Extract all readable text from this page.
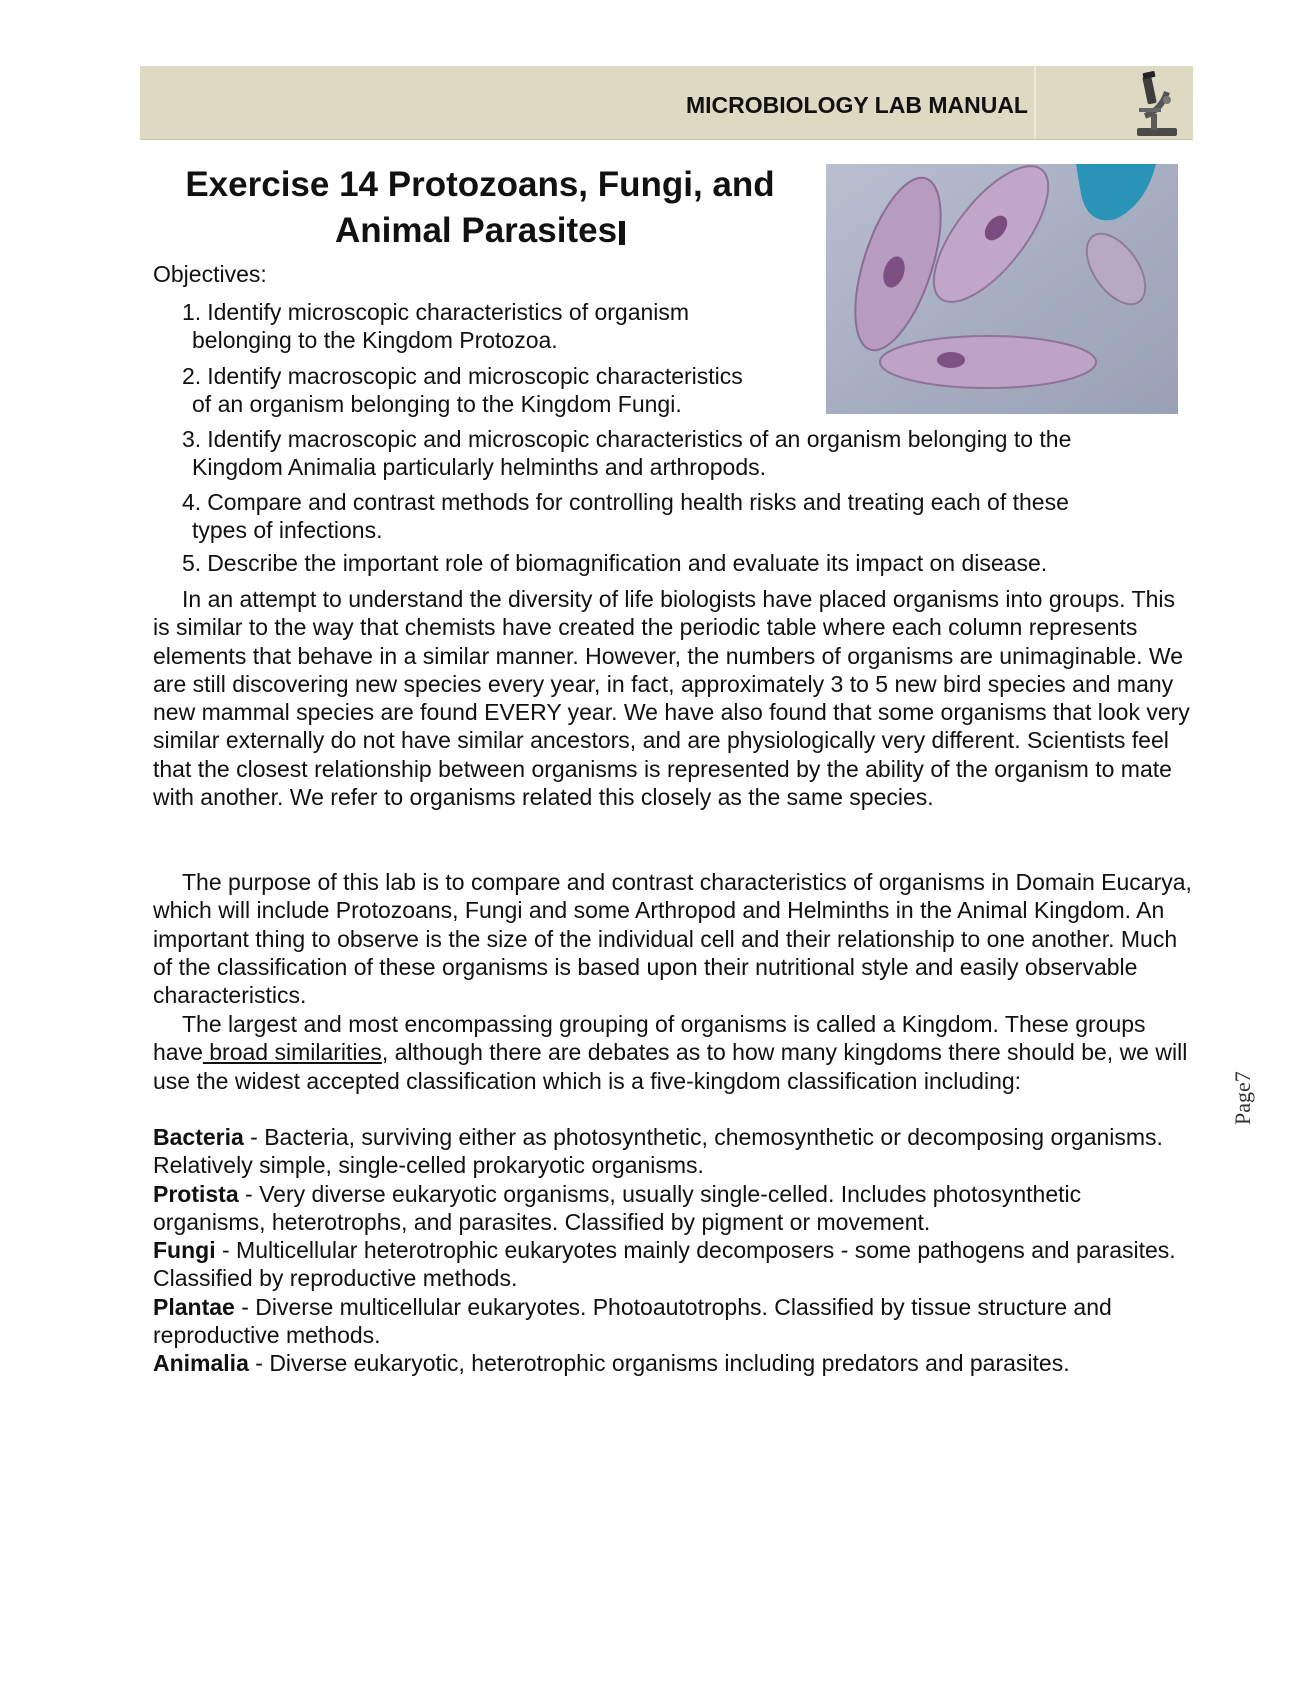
MICROBIOLOGY LAB MANUAL
Exercise 14 Protozoans, Fungi, and Animal Parasites
Objectives:
1. Identify microscopic characteristics of organism
belonging to the Kingdom Protozoa.
2. Identify macroscopic and microscopic characteristics
of an organism belonging to the Kingdom Fungi.
3. Identify macroscopic and microscopic characteristics of an organism belonging to the
Kingdom Animalia particularly helminths and arthropods.
4. Compare and contrast methods for controlling health risks and treating each of these
types of infections.
5. Describe the important role of biomagnification and evaluate its impact on disease.
In an attempt to understand the diversity of life biologists have placed organisms into groups. This is similar to the way that chemists have created the periodic table where each column represents elements that behave in a similar manner. However, the numbers of organisms are unimaginable. We are still discovering new species every year, in fact, approximately 3 to 5 new bird species and many new mammal species are found EVERY year. We have also found that some organisms that look very similar externally do not have similar ancestors, and are physiologically very different. Scientists feel that the closest relationship between organisms is represented by the ability of the organism to mate with another. We refer to organisms related this closely as the same species.
The purpose of this lab is to compare and contrast characteristics of organisms in Domain Eucarya, which will include Protozoans, Fungi and some Arthropod and Helminths in the Animal Kingdom. An important thing to observe is the size of the individual cell and their relationship to one another. Much of the classification of these organisms is based upon their nutritional style and easily observable characteristics.
The largest and most encompassing grouping of organisms is called a Kingdom. These groups have broad similarities, although there are debates as to how many kingdoms there should be, we will use the widest accepted classification which is a five-kingdom classification including:
Bacteria - Bacteria, surviving either as photosynthetic, chemosynthetic or decomposing organisms. Relatively simple, single-celled prokaryotic organisms.
Protista - Very diverse eukaryotic organisms, usually single-celled. Includes photosynthetic organisms, heterotrophs, and parasites. Classified by pigment or movement.
Fungi - Multicellular heterotrophic eukaryotes mainly decomposers - some pathogens and parasites. Classified by reproductive methods.
Plantae - Diverse multicellular eukaryotes. Photoautotrophs. Classified by tissue structure and reproductive methods.
Animalia - Diverse eukaryotic, heterotrophic organisms including predators and parasites.
Page7
